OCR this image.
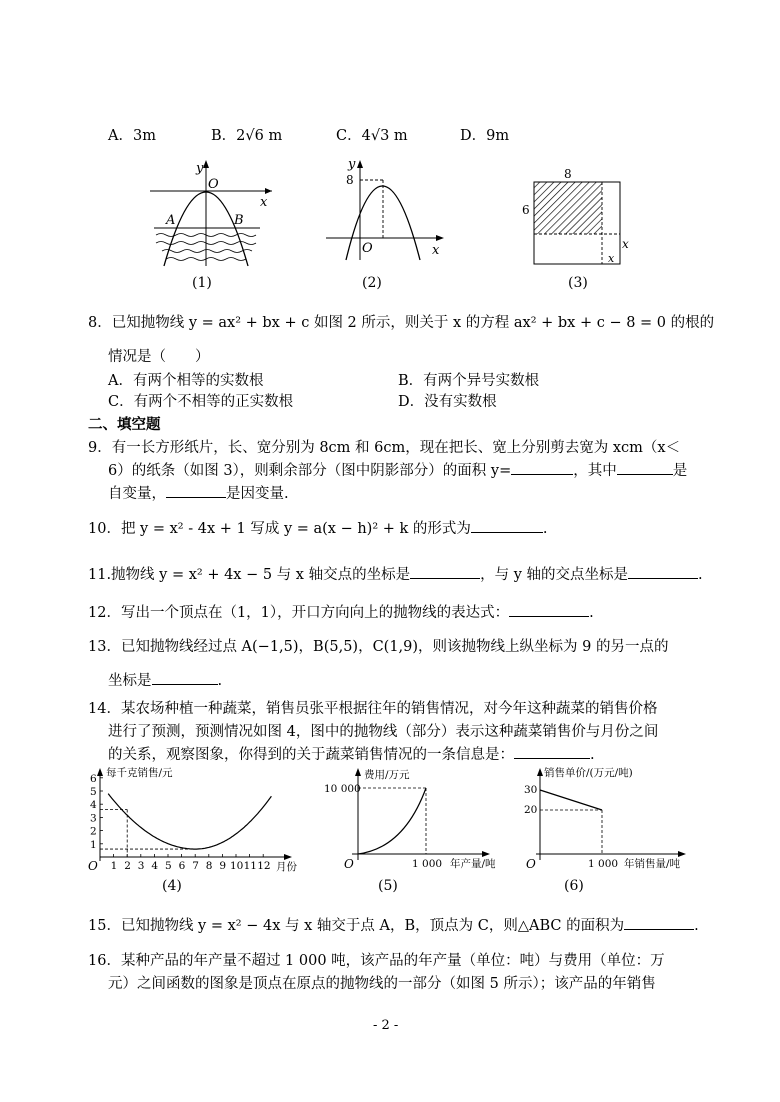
A．3m	B．2√6 m	C．4√3 m	D．9m
y
O
x
A	B
y
8
O	x
8
6
x
x
(1)	(2)	(3)
8．已知抛物线 y = ax² + bx + c 如图 2 所示，则关于 x 的方程 ax² + bx + c − 8 = 0 的根的
情况是（　　）
A．有两个相等的实数根	B．有两个异号实数根
C．有两个不相等的正实数根	D．没有实数根
二、填空题
9．有一长方形纸片，长、宽分别为 8cm 和 6cm，现在把长、宽上分别剪去宽为 xcm（x＜
6）的纸条（如图 3），则剩余部分（图中阴影部分）的面积 y=	，其中	是
自变量，	是因变量.
10．把 y = x² - 4x + 1 写成 y = a(x − h)² + k 的形式为	.
11.抛物线 y = x² + 4x − 5 与 x 轴交点的坐标是	，与 y 轴的交点坐标是	.
12．写出一个顶点在（1，1），开口方向向上的抛物线的表达式：	.
13．已知抛物线经过点 A(−1,5)，B(5,5)，C(1,9)，则该抛物线上纵坐标为 9 的另一点的
坐标是	.
14．某农场种植一种蔬菜，销售员张平根据往年的销售情况，对今年这种蔬菜的销售价格
进行了预测，预测情况如图 4，图中的抛物线（部分）表示这种蔬菜销售价与月份之间
的关系，观察图象，你得到的关于蔬菜销售情况的一条信息是：	.
1
2
3
4
5
6
1 2 3 4 5 6 7 8 9 10 11 12
每千克销售/元
月份
O
费用/万元
10 000
O	1 000 年产量/吨
销售单价/(万元/吨)
30
20
O	1 000 年销售量/吨
(4)	(5)	(6)
15．已知抛物线 y = x² − 4x 与 x 轴交于点 A，B，顶点为 C，则△ABC 的面积为	.
16．某种产品的年产量不超过 1 000 吨，该产品的年产量（单位：吨）与费用（单位：万
元）之间函数的图象是顶点在原点的抛物线的一部分（如图 5 所示）；该产品的年销售
- 2 -
